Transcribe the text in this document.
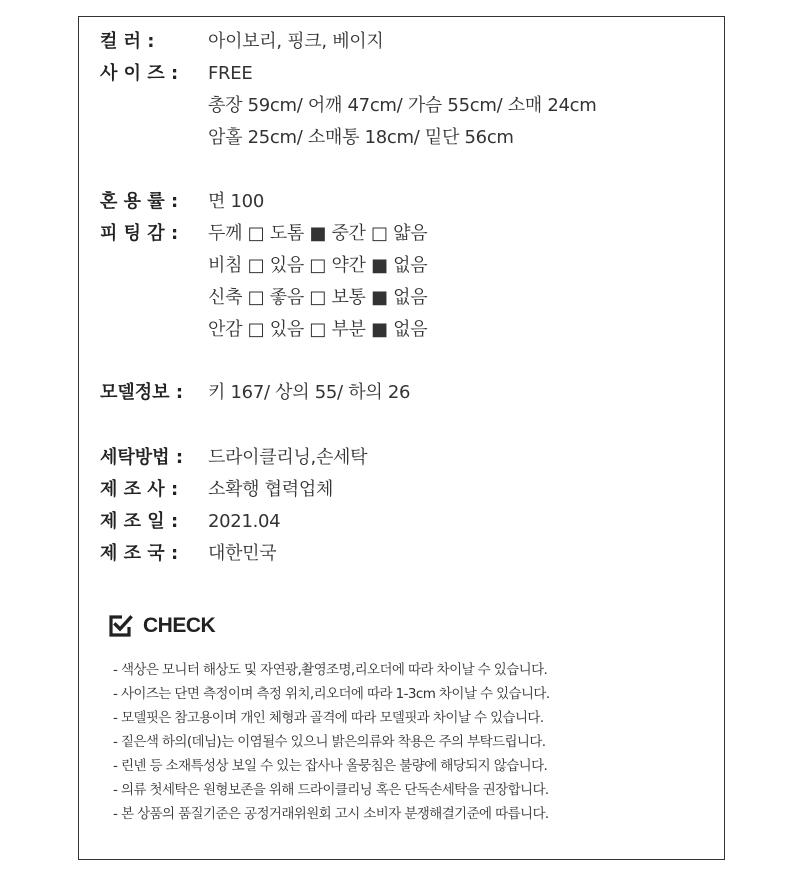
컬 러 :	아이보리, 핑크, 베이지
사 이 즈 :	FREE
총장 59cm/ 어깨 47cm/ 가슴 55cm/ 소매 24cm
암홀 25cm/ 소매통 18cm/ 밑단 56cm
혼 용 률 :	면 100
피 팅 감 :	두께 □ 도톰 ■ 중간 □ 얇음
비침 □ 있음 □ 약간 ■ 없음
신축 □ 좋음 □ 보통 ■ 없음
안감 □ 있음 □ 부분 ■ 없음
모델정보 :	키 167/ 상의 55/ 하의 26
세탁방법 :	드라이클리닝,손세탁
제 조 사 :	소확행 협력업체
제 조 일 :	2021.04
제 조 국 :	대한민국
CHECK
- 색상은 모니터 해상도 및 자연광,촬영조명,리오더에 따라 차이날 수 있습니다.
- 사이즈는 단면 측정이며 측정 위치,리오더에 따라 1-3cm 차이날 수 있습니다.
- 모델핏은 참고용이며 개인 체형과 골격에 따라 모델핏과 차이날 수 있습니다.
- 짙은색 하의(데님)는 이염될수 있으니 밝은의류와 착용은 주의 부탁드립니다.
- 린넨 등 소재특성상 보일 수 있는 잡사나 올뭉침은 불량에 해당되지 않습니다.
- 의류 첫세탁은 원형보존을 위해 드라이클리닝 혹은 단독손세탁을 권장합니다.
- 본 상품의 품질기준은 공정거래위원회 고시 소비자 분쟁해결기준에 따릅니다.
